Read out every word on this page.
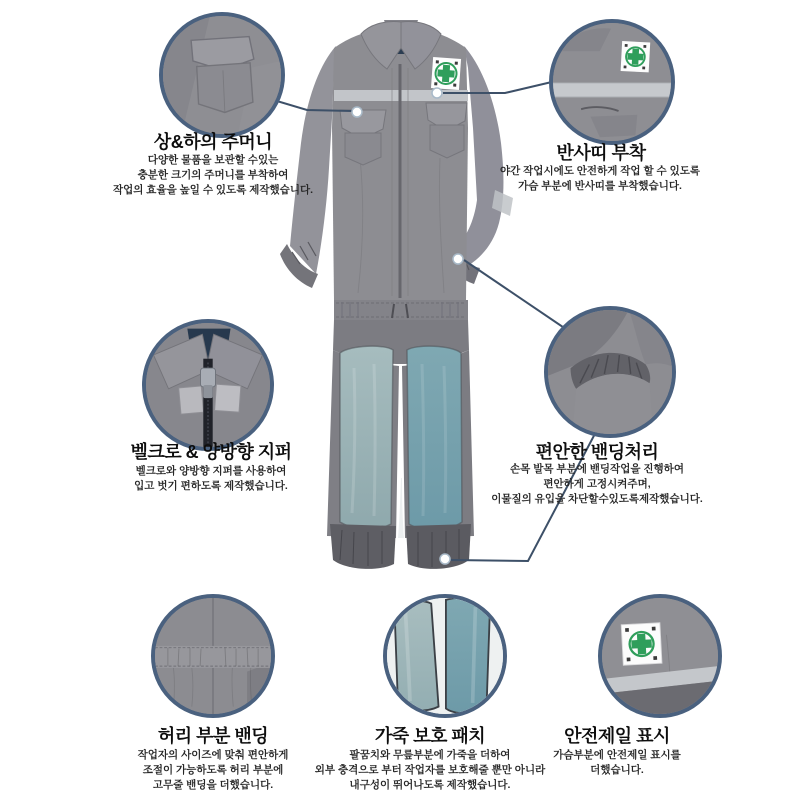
상&하의 주머니
다양한 물품을 보관할 수있는
충분한 크기의 주머니를 부착하여
작업의 효율을 높일 수 있도록 제작했습니다.
반사띠 부착
야간 작업시에도 안전하게 작업 할 수 있도록
가슴 부분에 반사띠를 부착했습니다.
벨크로 & 양방향 지퍼
벨크로와 양방향 지퍼를 사용하여
입고 벗기 편하도록 제작했습니다.
편안한 밴딩처리
손목 발목 부분에 밴딩작업을 진행하여
편안하게 고정시켜주며,
이물질의 유입을 차단할수있도록제작했습니다.
허리 부분 밴딩
작업자의 사이즈에 맞춰 편안하게
조절이 가능하도록 허리 부분에
고무줄 밴딩을 더했습니다.
가죽 보호 패치
팔꿈치와 무릎부분에 가죽을 더하여
외부 충격으로 부터 작업자를 보호해줄 뿐만 아니라
내구성이 뛰어나도록 제작했습니다.
안전제일 표시
가슴부분에 안전제일 표시를
더했습니다.
